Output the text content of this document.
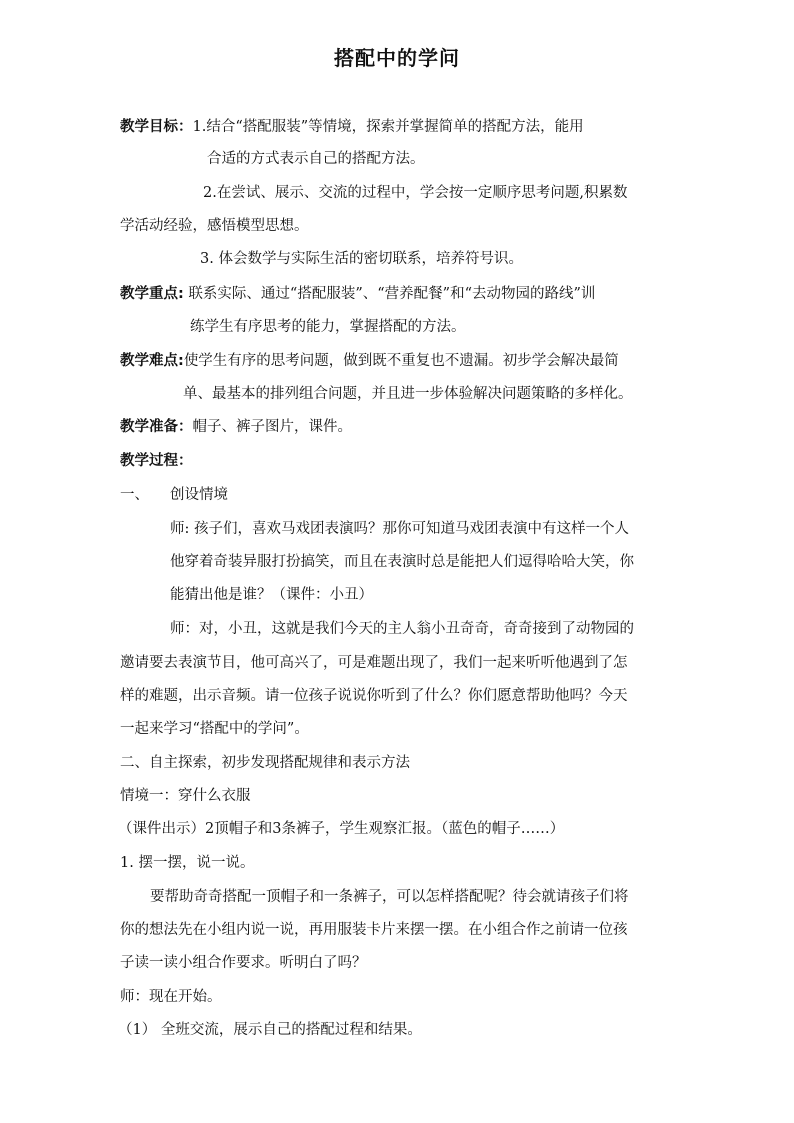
搭配中的学问
教学目标：1.结合“搭配服装”等情境，探索并掌握简单的搭配方法，能用
合适的方式表示自己的搭配方法。
2.在尝试、展示、交流的过程中，学会按一定顺序思考问题,积累数
学活动经验，感悟模型思想。
3. 体会数学与实际生活的密切联系，培养符号识。
教学重点: 联系实际、通过“搭配服装”、“营养配餐”和“去动物园的路线”训
练学生有序思考的能力，掌握搭配的方法。
教学难点:使学生有序的思考问题，做到既不重复也不遗漏。初步学会解决最简
单、最基本的排列组合问题，并且进一步体验解决问题策略的多样化。
教学准备：帽子、裤子图片，课件。
教学过程：
一、 创设情境
师: 孩子们，喜欢马戏团表演吗？那你可知道马戏团表演中有这样一个人
他穿着奇装异服打扮搞笑，而且在表演时总是能把人们逗得哈哈大笑，你
能猜出他是谁？（课件：小丑）
师：对，小丑，这就是我们今天的主人翁小丑奇奇，奇奇接到了动物园的
邀请要去表演节目，他可高兴了，可是难题出现了，我们一起来听听他遇到了怎
样的难题，出示音频。请一位孩子说说你听到了什么？你们愿意帮助他吗？今天
一起来学习“搭配中的学问”。
二、自主探索，初步发现搭配规律和表示方法
情境一：穿什么衣服
（课件出示）2顶帽子和3条裤子，学生观察汇报。（蓝色的帽子……）
1. 摆一摆，说一说。
要帮助奇奇搭配一顶帽子和一条裤子，可以怎样搭配呢？待会就请孩子们将
你的想法先在小组内说一说，再用服装卡片来摆一摆。在小组合作之前请一位孩
子读一读小组合作要求。听明白了吗？
师：现在开始。
（1） 全班交流，展示自己的搭配过程和结果。
